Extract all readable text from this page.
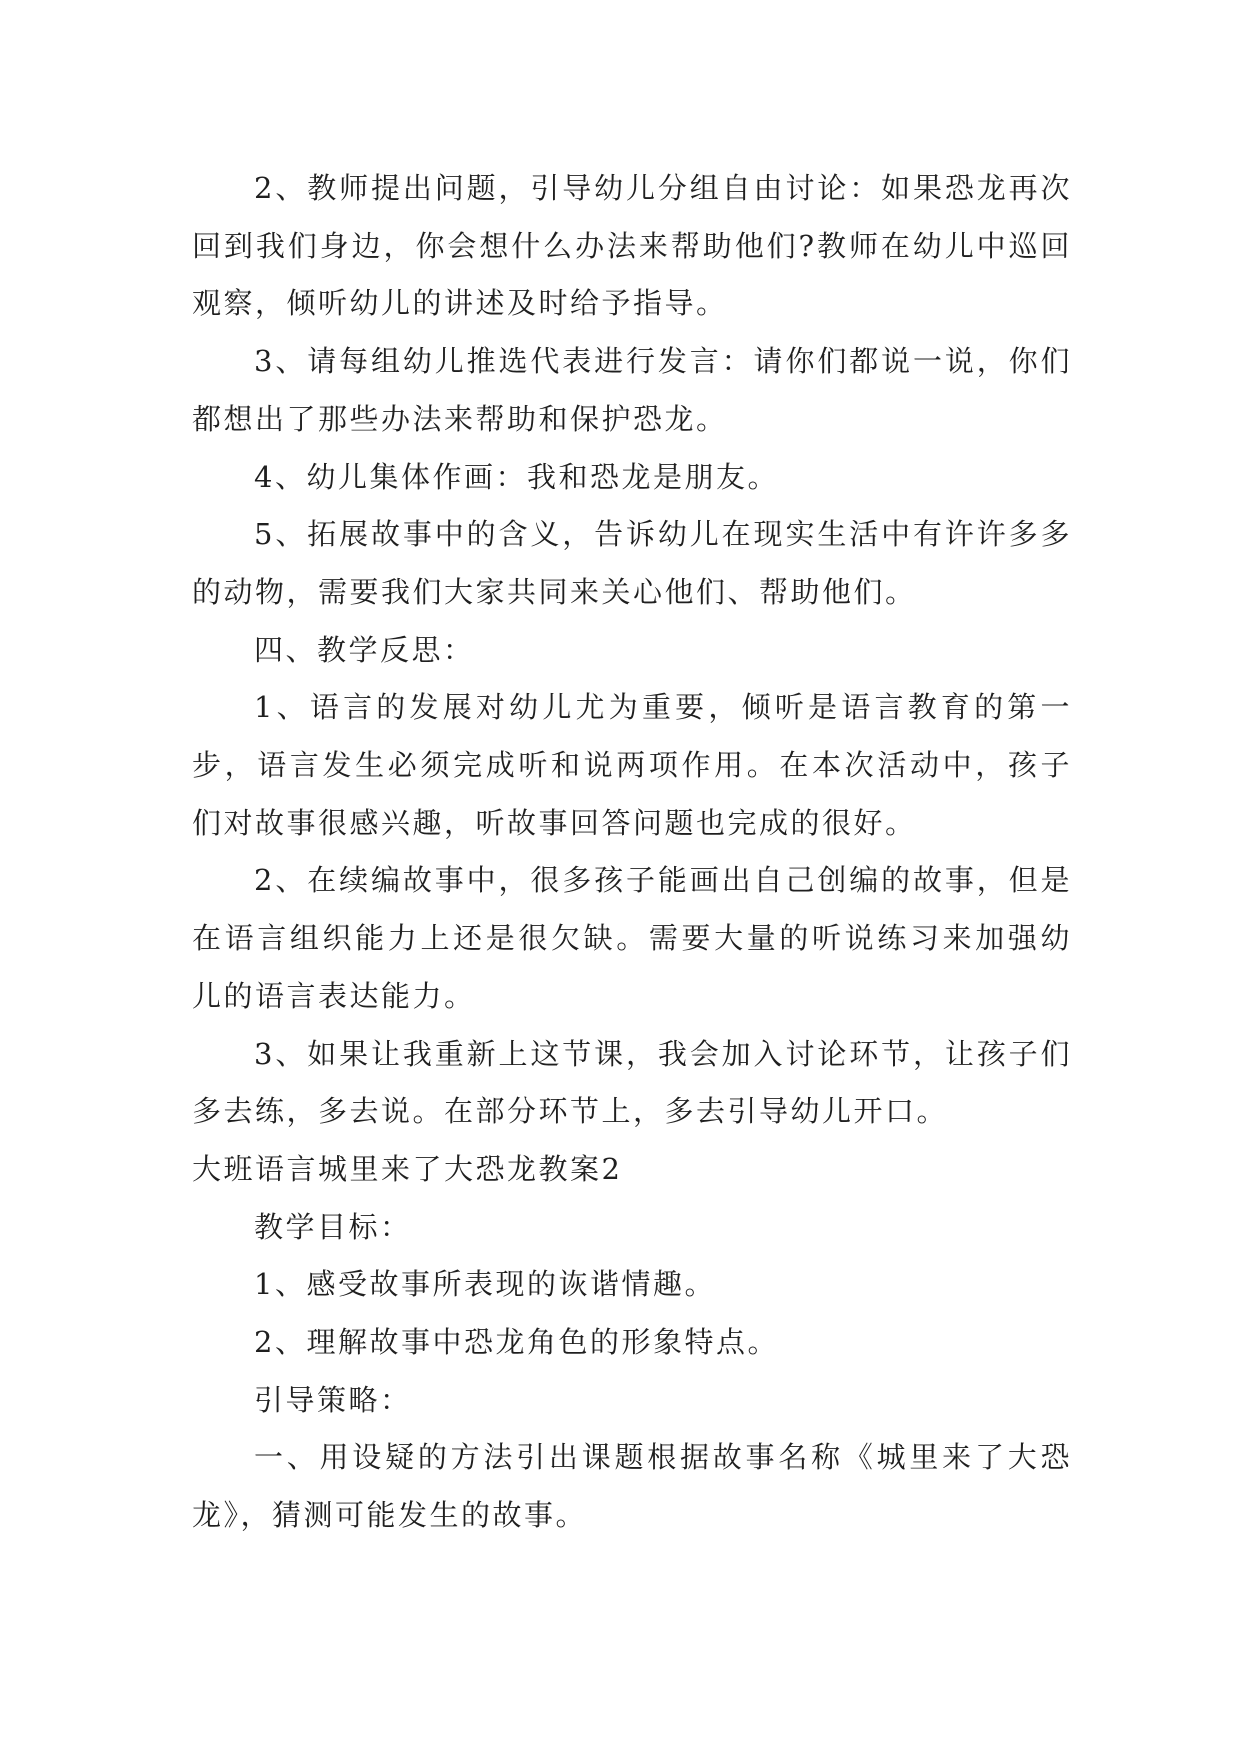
2、教师提出问题，引导幼儿分组自由讨论：如果恐龙再次回到我们身边，你会想什么办法来帮助他们?教师在幼儿中巡回观察，倾听幼儿的讲述及时给予指导。

3、请每组幼儿推选代表进行发言：请你们都说一说，你们都想出了那些办法来帮助和保护恐龙。

4、幼儿集体作画：我和恐龙是朋友。

5、拓展故事中的含义，告诉幼儿在现实生活中有许许多多的动物，需要我们大家共同来关心他们、帮助他们。

四、教学反思：

1、语言的发展对幼儿尤为重要，倾听是语言教育的第一步，语言发生必须完成听和说两项作用。在本次活动中，孩子们对故事很感兴趣，听故事回答问题也完成的很好。

2、在续编故事中，很多孩子能画出自己创编的故事，但是在语言组织能力上还是很欠缺。需要大量的听说练习来加强幼儿的语言表达能力。

3、如果让我重新上这节课，我会加入讨论环节，让孩子们多去练，多去说。在部分环节上，多去引导幼儿开口。

大班语言城里来了大恐龙教案2

教学目标：

1、感受故事所表现的诙谐情趣。

2、理解故事中恐龙角色的形象特点。

引导策略：

一、用设疑的方法引出课题根据故事名称《城里来了大恐龙》，猜测可能发生的故事。
